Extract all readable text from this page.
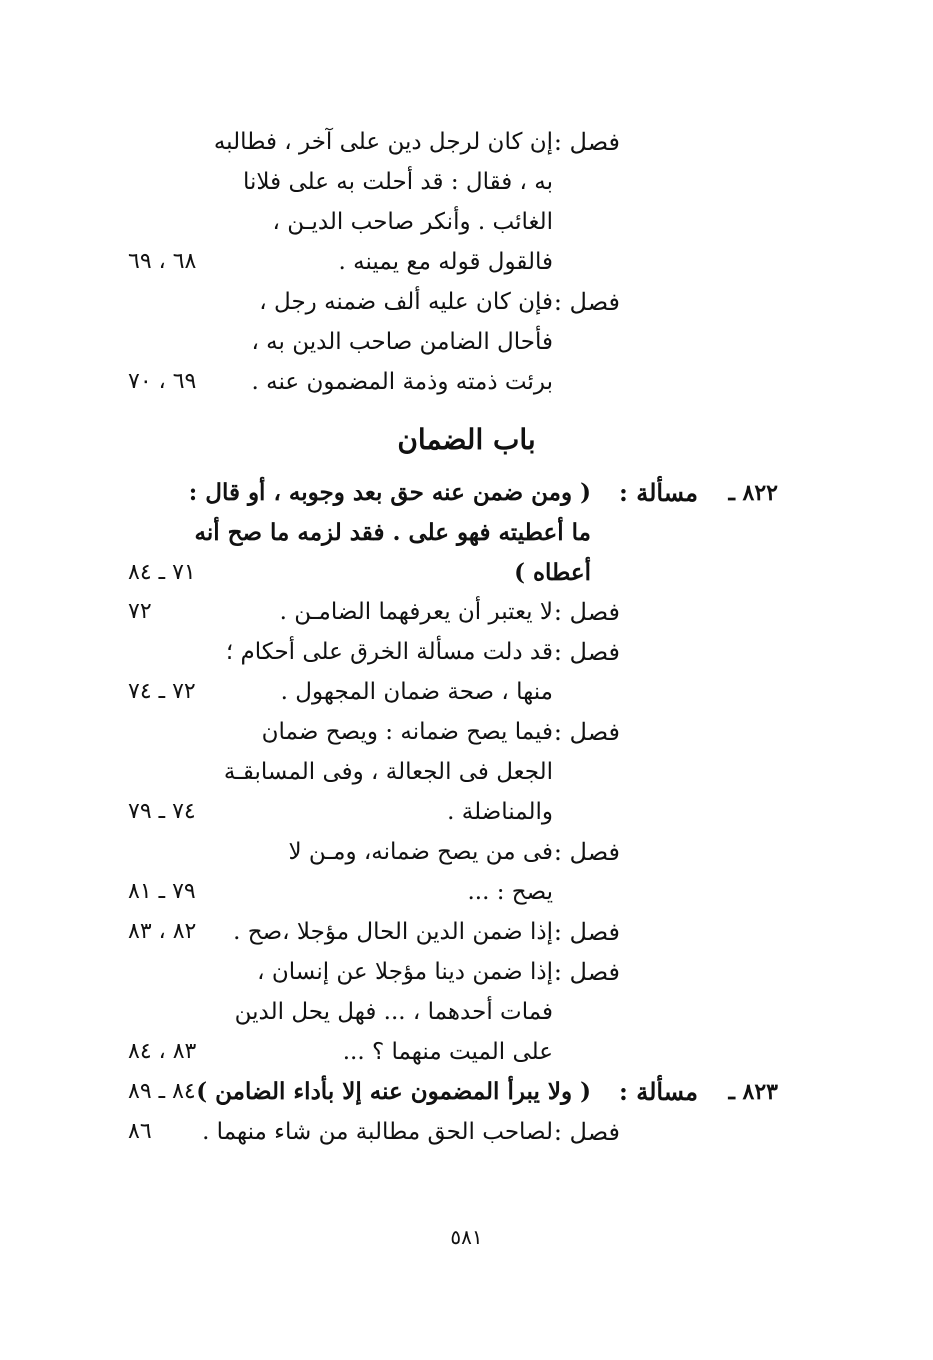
باب الضمان
فصل :
إن كان لرجل دين على آخر ، فطالبه
به ، فقال : قد أحلت به على فلانا
الغائب . وأنكر صاحب الديـن ،
فالقول قوله مع يمينه .
٦٨ ، ٦٩
فصل :
فإن كان عليه ألف ضمنه رجل ،
فأحال الضامن صاحب الدين به ،
برئت ذمته وذمة المضمون عنه .
٦٩ ، ٧٠
٨٢٢ ـ
مسألة :
( ومن ضمن عنه حق بعد وجوبه ، أو قال :
ما أعطيته فهو على . فقد لزمه ما صح أنه
أعطاه )
٧١ ـ ٨٤
فصل :
لا يعتبر أن يعرفهما الضامـن .
٧٢
فصل :
قد دلت مسألة الخرق على أحكام ؛
منها ، صحة ضمان المجهول .
٧٢ ـ ٧٤
فصل :
فيما يصح ضمانه : ويصح ضمان
الجعل فى الجعالة ، وفى المسابقـة
والمناضلة .
٧٤ ـ ٧٩
فصل :
فى من يصح ضمانه، ومـن لا
يصح : ...
٧٩ ـ ٨١
فصل :
إذا ضمن الدين الحال مؤجلا ،صح .
٨٢ ، ٨٣
فصل :
إذا ضمن دينا مؤجلا عن إنسان ،
فمات أحدهما ، ... فهل يحل الدين
على الميت منهما ؟ ...
٨٣ ، ٨٤
٨٢٣ ـ
مسألة :
( ولا يبرأ المضمون عنه إلا بأداء الضامن )
٨٤ ـ ٨٩
فصل :
لصاحب الحق مطالبة من شاء منهما .
٨٦
٥٨١
